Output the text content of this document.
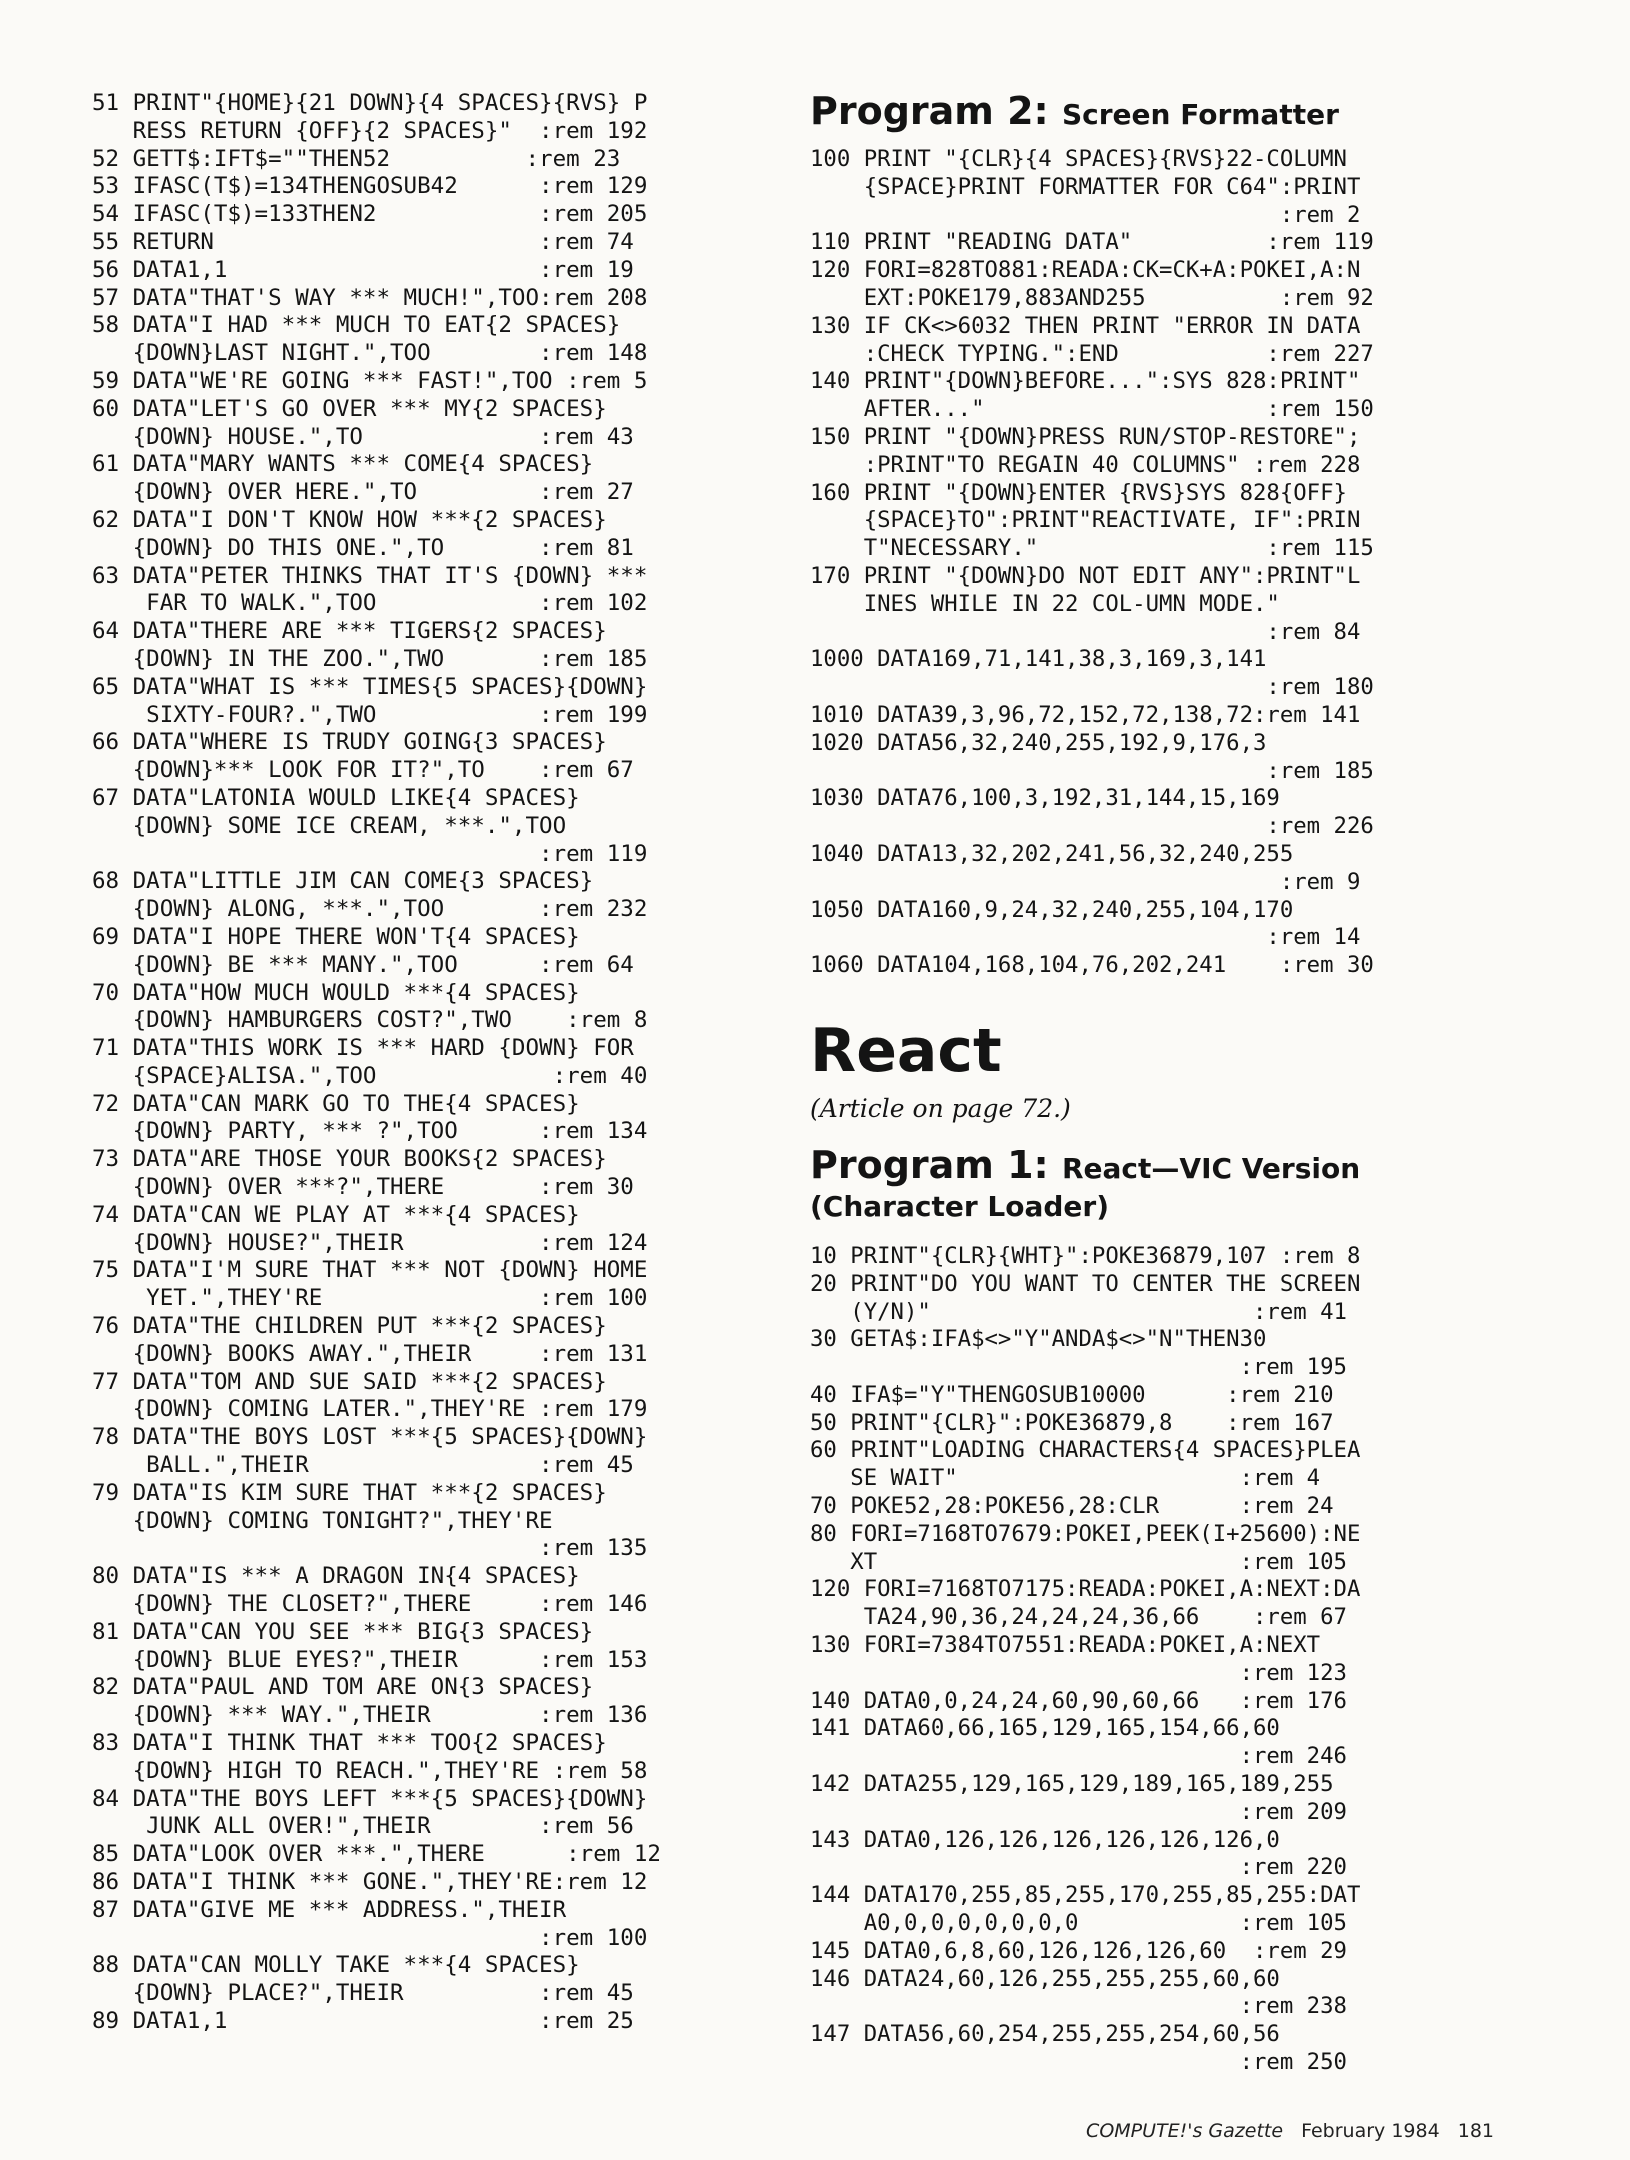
51 PRINT"{HOME}{21 DOWN}{4 SPACES}{RVS} P
RESS RETURN {OFF}{2 SPACES}"  :rem 192
52 GETT$:IFT$=""THEN52          :rem 23
53 IFASC(T$)=134THENGOSUB42      :rem 129
54 IFASC(T$)=133THEN2            :rem 205
55 RETURN                        :rem 74
56 DATA1,1                       :rem 19
57 DATA"THAT'S WAY *** MUCH!",TOO:rem 208
58 DATA"I HAD *** MUCH TO EAT{2 SPACES}
{DOWN}LAST NIGHT.",TOO        :rem 148
59 DATA"WE'RE GOING *** FAST!",TOO :rem 5
60 DATA"LET'S GO OVER *** MY{2 SPACES}
{DOWN} HOUSE.",TO             :rem 43
61 DATA"MARY WANTS *** COME{4 SPACES}
{DOWN} OVER HERE.",TO         :rem 27
62 DATA"I DON'T KNOW HOW ***{2 SPACES}
{DOWN} DO THIS ONE.",TO       :rem 81
63 DATA"PETER THINKS THAT IT'S {DOWN} ***
FAR TO WALK.",TOO            :rem 102
64 DATA"THERE ARE *** TIGERS{2 SPACES}
{DOWN} IN THE ZOO.",TWO       :rem 185
65 DATA"WHAT IS *** TIMES{5 SPACES}{DOWN}
SIXTY-FOUR?.",TWO            :rem 199
66 DATA"WHERE IS TRUDY GOING{3 SPACES}
{DOWN}*** LOOK FOR IT?",TO    :rem 67
67 DATA"LATONIA WOULD LIKE{4 SPACES}
{DOWN} SOME ICE CREAM, ***.",TOO
:rem 119
68 DATA"LITTLE JIM CAN COME{3 SPACES}
{DOWN} ALONG, ***.",TOO       :rem 232
69 DATA"I HOPE THERE WON'T{4 SPACES}
{DOWN} BE *** MANY.",TOO      :rem 64
70 DATA"HOW MUCH WOULD ***{4 SPACES}
{DOWN} HAMBURGERS COST?",TWO    :rem 8
71 DATA"THIS WORK IS *** HARD {DOWN} FOR
{SPACE}ALISA.",TOO             :rem 40
72 DATA"CAN MARK GO TO THE{4 SPACES}
{DOWN} PARTY, *** ?",TOO      :rem 134
73 DATA"ARE THOSE YOUR BOOKS{2 SPACES}
{DOWN} OVER ***?",THERE       :rem 30
74 DATA"CAN WE PLAY AT ***{4 SPACES}
{DOWN} HOUSE?",THEIR          :rem 124
75 DATA"I'M SURE THAT *** NOT {DOWN} HOME
YET.",THEY'RE                :rem 100
76 DATA"THE CHILDREN PUT ***{2 SPACES}
{DOWN} BOOKS AWAY.",THEIR     :rem 131
77 DATA"TOM AND SUE SAID ***{2 SPACES}
{DOWN} COMING LATER.",THEY'RE :rem 179
78 DATA"THE BOYS LOST ***{5 SPACES}{DOWN}
BALL.",THEIR                 :rem 45
79 DATA"IS KIM SURE THAT ***{2 SPACES}
{DOWN} COMING TONIGHT?",THEY'RE
:rem 135
80 DATA"IS *** A DRAGON IN{4 SPACES}
{DOWN} THE CLOSET?",THERE     :rem 146
81 DATA"CAN YOU SEE *** BIG{3 SPACES}
{DOWN} BLUE EYES?",THEIR      :rem 153
82 DATA"PAUL AND TOM ARE ON{3 SPACES}
{DOWN} *** WAY.",THEIR        :rem 136
83 DATA"I THINK THAT *** TOO{2 SPACES}
{DOWN} HIGH TO REACH.",THEY'RE :rem 58
84 DATA"THE BOYS LEFT ***{5 SPACES}{DOWN}
JUNK ALL OVER!",THEIR        :rem 56
85 DATA"LOOK OVER ***.",THERE      :rem 12
86 DATA"I THINK *** GONE.",THEY'RE:rem 12
87 DATA"GIVE ME *** ADDRESS.",THEIR
:rem 100
88 DATA"CAN MOLLY TAKE ***{4 SPACES}
{DOWN} PLACE?",THEIR          :rem 45
89 DATA1,1                       :rem 25
Program 2: Screen Formatter
100 PRINT "{CLR}{4 SPACES}{RVS}22-COLUMN
{SPACE}PRINT FORMATTER FOR C64":PRINT
:rem 2
110 PRINT "READING DATA"          :rem 119
120 FORI=828TO881:READA:CK=CK+A:POKEI,A:N
EXT:POKE179,883AND255          :rem 92
130 IF CK<>6032 THEN PRINT "ERROR IN DATA
:CHECK TYPING.":END           :rem 227
140 PRINT"{DOWN}BEFORE...":SYS 828:PRINT"
AFTER..."                     :rem 150
150 PRINT "{DOWN}PRESS RUN/STOP-RESTORE";
:PRINT"TO REGAIN 40 COLUMNS" :rem 228
160 PRINT "{DOWN}ENTER {RVS}SYS 828{OFF}
{SPACE}TO":PRINT"REACTIVATE, IF":PRIN
T"NECESSARY."                 :rem 115
170 PRINT "{DOWN}DO NOT EDIT ANY":PRINT"L
INES WHILE IN 22 COL-UMN MODE."
:rem 84
1000 DATA169,71,141,38,3,169,3,141
:rem 180
1010 DATA39,3,96,72,152,72,138,72:rem 141
1020 DATA56,32,240,255,192,9,176,3
:rem 185
1030 DATA76,100,3,192,31,144,15,169
:rem 226
1040 DATA13,32,202,241,56,32,240,255
:rem 9
1050 DATA160,9,24,32,240,255,104,170
:rem 14
1060 DATA104,168,104,76,202,241    :rem 30
React
(Article on page 72.)
Program 1: React—VIC Version
(Character Loader)
10 PRINT"{CLR}{WHT}":POKE36879,107 :rem 8
20 PRINT"DO YOU WANT TO CENTER THE SCREEN
(Y/N)"                        :rem 41
30 GETA$:IFA$<>"Y"ANDA$<>"N"THEN30
:rem 195
40 IFA$="Y"THENGOSUB10000      :rem 210
50 PRINT"{CLR}":POKE36879,8    :rem 167
60 PRINT"LOADING CHARACTERS{4 SPACES}PLEA
SE WAIT"                     :rem 4
70 POKE52,28:POKE56,28:CLR      :rem 24
80 FORI=7168TO7679:POKEI,PEEK(I+25600):NE
XT                           :rem 105
120 FORI=7168TO7175:READA:POKEI,A:NEXT:DA
TA24,90,36,24,24,24,36,66    :rem 67
130 FORI=7384TO7551:READA:POKEI,A:NEXT
:rem 123
140 DATA0,0,24,24,60,90,60,66   :rem 176
141 DATA60,66,165,129,165,154,66,60
:rem 246
142 DATA255,129,165,129,189,165,189,255
:rem 209
143 DATA0,126,126,126,126,126,126,0
:rem 220
144 DATA170,255,85,255,170,255,85,255:DAT
A0,0,0,0,0,0,0,0            :rem 105
145 DATA0,6,8,60,126,126,126,60  :rem 29
146 DATA24,60,126,255,255,255,60,60
:rem 238
147 DATA56,60,254,255,255,254,60,56
:rem 250
COMPUTE!'s Gazette February 1984 181
